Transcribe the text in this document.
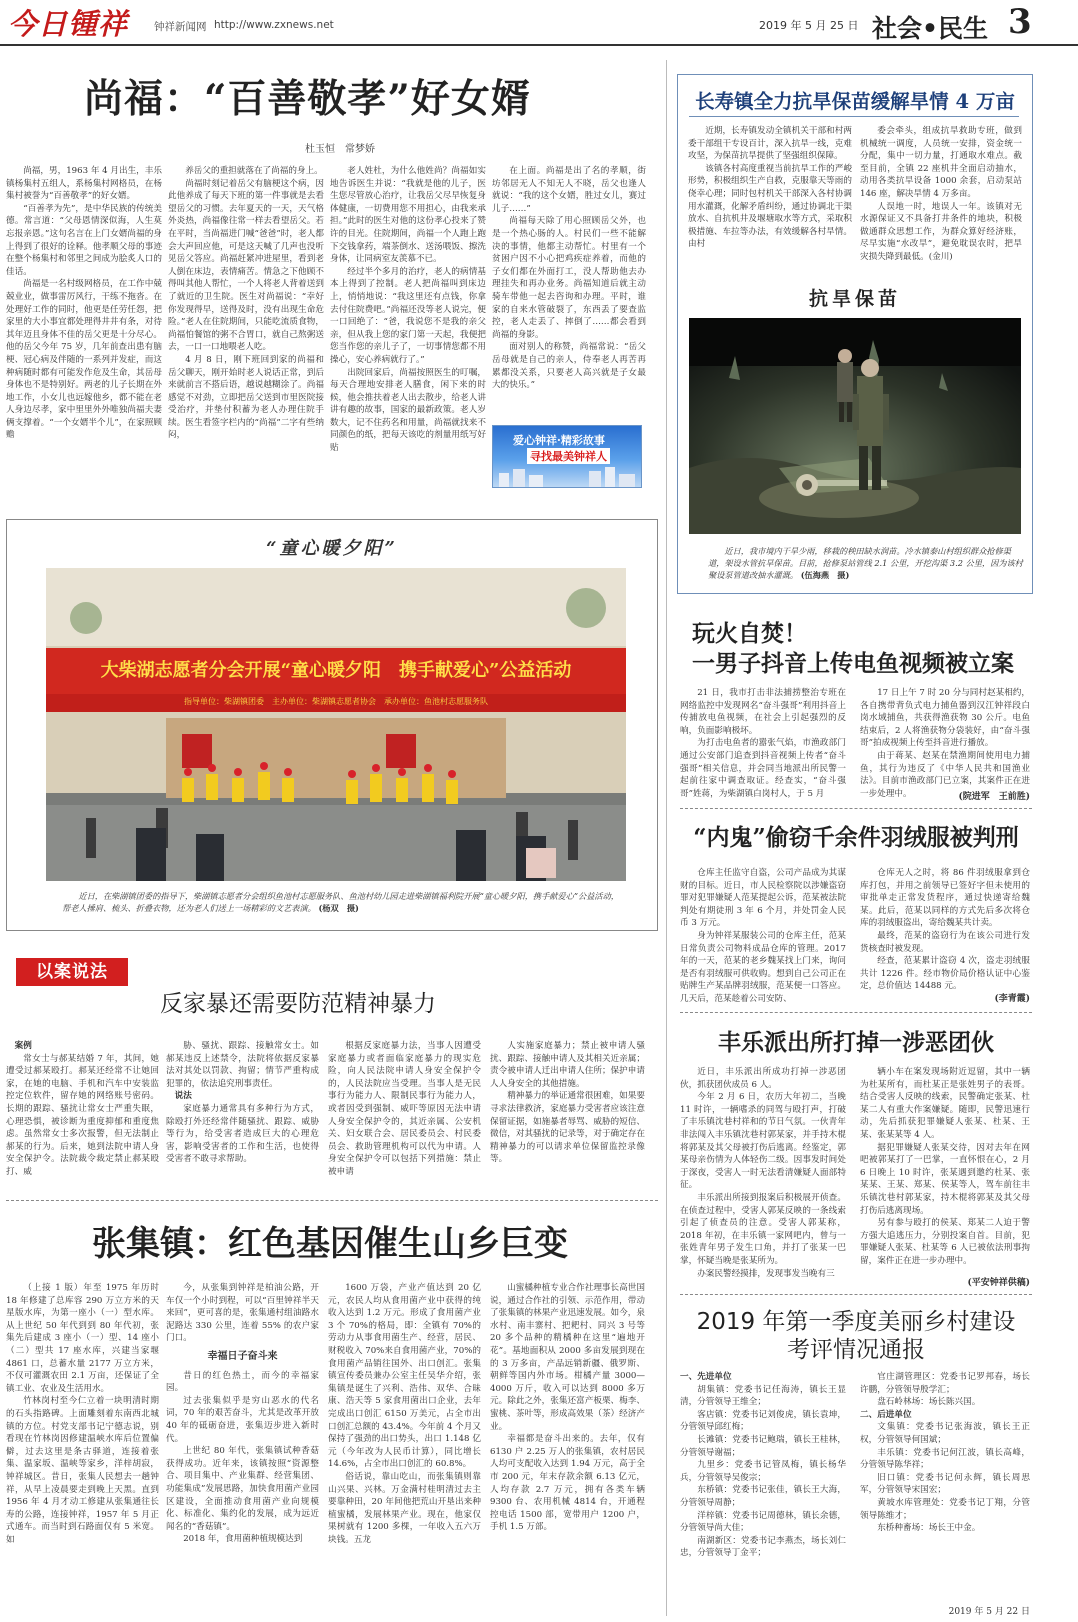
今日锺祥 钟祥新闻网 http://www.zxnews.net	2019 年 5 月 25 日 社会•民生 3
尚福：“百善敬孝”好女婿
杜玉恒　常梦娇

尚福，男，1963 年 4 月出生，丰乐镇杨集村五组人，系杨集村网格员，在杨集村被誉为“百善敬孝”的好女婿。

“百善孝为先”，是中华民族的传统美德。常言道：“父母恩情深似海，人生莫忘报亲恩。”这句名言在上门女婿尚福的身上得到了很好的诠释。他孝顺父母的事迹在整个杨集村和邻里之间成为脍炙人口的佳话。

尚福是一名村级网格员，在工作中兢兢业业，做事雷厉风行，干练不拖沓。在处理好工作的同时，他更是任劳任怨，把家里的大小事宜都处理得井井有条，对待其年迈且身体不佳的岳父更是十分尽心。他的岳父今年 75 岁，几年前查出患有脑梗、冠心病及伴随的一系列并发症，而这种病随时都有可能发作危及生命，其岳母身体也不是特别好。两老的儿子长期在外地工作，小女儿也远嫁他乡，都不能在老人身边尽孝，家中里里外外唯独尚福夫妻俩支撑着。“一个女婿半个儿”，在家照顾赡

养岳父的重担就落在了尚福的身上。

尚福时刻记着岳父有脑梗这个病，因此他养成了每天下班的第一件事就是去看望岳父的习惯。去年夏天的一天，天气格外炎热，尚福像往常一样去看望岳父。若在平时，当尚福进门喊“爸爸”时，老人都会大声回应他，可是这天喊了几声也没听见岳父答应。尚福赶紧冲进屋里，看到老人倒在床边，表情痛苦。情急之下他顾不得叫其他人帮忙，一个人将老人背着送到了就近的卫生院。医生对尚福说：“幸好你发现得早，送得及时，没有出现生命危险。”老人在住院期间，只能吃流质食物，尚福怕餐馆的粥不合胃口，就自己熬粥送去，一口一口地喂老人吃。

4 月 8 日，刚下班回到家的尚福和岳父聊天，刚开始时老人说话正常，到后来就前言不搭后语，越说越糊涂了。尚福感觉不对劲，立即把岳父送到市里医院接受治疗，并垫付积蓄为老人办理住院手续。医生看签字栏内的“尚福”二字有些纳闷，

老人姓杜，为什么他姓尚？尚福如实地告诉医生并说：“我就是他的儿子，医生您尽管放心治疗，让我岳父尽早恢复身体健康，一切费用您不用担心，由我来承担。”此时的医生对他的这份孝心投来了赞许的目光。住院期间，尚福一个人跑上跑下交钱拿药，端茶倒水、送汤喂饭、擦洗身体，让同病室友羡慕不已。

经过半个多月的治疗，老人的病情基本上得到了控制。老人把尚福叫到床边上，悄悄地说：“我这里还有点钱，你拿去付住院费吧。”尚福还没等老人说完，便一口回绝了：“爸，我说您不是我的亲父亲，但从我上您的家门第一天起，我便把您当作您的亲儿子了，一切事情您都不用操心，安心养病就行了。”

出院回家后，尚福按照医生的叮嘱，每天合理地安排老人膳食，闲下来的时候，他会推扶着老人出去散步，给老人讲讲有趣的故事，国家的最新政策。老人岁数大，记不住药名和用量，尚福就找来不同颜色的纸，把每天该吃的剂量用纸写好贴

在上面。尚福是出了名的孝顺，街坊邻居无人不知无人不晓，岳父也逢人就说：“我的这个女婿，胜过女儿，赛过儿子……”

尚福每天除了用心照顾岳父外，也是一个热心肠的人。村民们一些不能解决的事情，他都主动帮忙。村里有一个贫困户因不小心把鸡疾症养着，而他的子女们都在外面打工，没人帮助他去办理挂失和再办业务。尚福知道后就主动骑车带他一起去咨询和办理。平时，谁家的自来水管破裂了，东西丢了要查监控，老人走丢了、摔倒了……都会看到尚福的身影。

面对别人的称赞，尚福常说：“岳父岳母就是自己的亲人，侍奉老人再苦再累都没关系，只要老人高兴就是子女最大的快乐。”

爱心钟祥·精彩故事
寻找最美钟祥人
长寿镇全力抗旱保苗缓解旱情 4 万亩

近期，长寿镇发动全镇机关干部和村两委干部组干专设百计，深入抗旱一线，克难攻坚，为保苗抗旱提供了坚强组织保障。

该镇各村高度重视当前抗旱工作的严峻形势，积极组织生产自救，克服靠天等雨的侥幸心理；同时包村机关干部深入各村协调用水灌溉，化解矛盾纠纷，通过协调北干渠放水、自抗机井及堰塘取水等方式，采取积极措施、车拉等办法，有效缓解各村旱情。由村

委会牵头，组成抗旱救助专班，做到机械统一调度，人员统一安排，资金统一分配，集中一切力量，打通取水难点。截至目前，全镇 22 座机井全面启动抽水，动用各类抗旱设备 1000 余套，启动泵站 146 座，解决旱情 4 万多亩。

人误地一时，地误人一年。该镇对无水源保证又不具备打井条件的地块，积极做通群众思想工作，为群众算好经济账，尽早实施“水改旱”，避免耽误农时，把旱灾损失降到最低。(金川)

抗旱保苗
近日，我市境内干旱少雨，移栽的秧田缺水润苗。冷水镇泰山村组织群众抢修渠道，架设水管抗旱保苗。目前，抢修泵站管线 2.1 公里，开挖沟渠 3.2 公里，因为该村聚设泵管道改抽水灌溉。 (伍海燕　摄)
玩火自焚！
一男子抖音上传电鱼视频被立案

21 日，我市打击非法捕捞整治专班在网络监控中发现网名“奋斗强哥”利用抖音上传捕放电鱼视频，在社会上引起强烈的反响，负面影响极坏。

为打击电鱼者的嚣张气焰，市渔政部门通过公安部门追查到抖音视频上传者“奋斗强哥”相关信息，并会同当地派出所民警一起前往家中调查取证。经查实，“奋斗强哥”姓蒋，为柴湖镇白岗村人，于 5 月

17 日上午 7 时 20 分与同村赵某相约，各自携带背负式电力捕鱼器到汉江钟祥段白岗水域捕鱼，共获得渔获物 30 公斤。电鱼结束后，2 人将渔获物分袋装好，由“奋斗强哥”拍成视频上传至抖音进行播放。

由于蒋某、赵某在禁渔期间使用电力捕鱼，其行为违反了《中华人民共和国渔业法》。目前市渔政部门已立案，其案件正在进一步处理中。	(院进军　王前胜)
“内鬼”偷窃千余件羽绒服被判刑

仓库主任监守自盗，公司产品成为其谋财的目标。近日，市人民检察院以涉嫌盗窃罪对犯罪嫌疑人范某提起公诉，范某被法院判处有期徒刑 3 年 6 个月，并处罚金人民币 3 万元。

身为钟祥某服装公司的仓库主任，范某日常负责公司物料成品仓库的管理。2017 年的一天，范某的老乡魏某找上门来，询问是否有羽绒服可供收购。想到自己公司正在贴牌生产某品牌羽绒服，范某便一口答应。几天后，范某趁着公司安防、

仓库无人之时，将 86 件羽绒服拿到仓库打包，并用之前领导已签好字但未使用的审批单走正常发货程序，通过快递寄给魏某。此后，范某以同样的方式先后多次将仓库的羽绒服盗出，寄给魏某共计卖。

最终，范某的盗窃行为在该公司进行发货核查时被发现。

经查，范某累计盗窃 4 次，盗走羽绒服共计 1226 件。经市物价局价格认证中心鉴定，总价值达 14488 元。

(李青霞)
丰乐派出所打掉一涉恶团伙

近日，丰乐派出所成功打掉一涉恶团伙，抓获团伙成员 6 人。

今年 2 月 6 日，农历大年初二，当晚 11 时许，一辆嗜杀的同驾与殴打声，打破了丰乐镇沈巷村祥和的节日气氛。一伙青年非法闯入丰乐镇沈巷村郭某家，并手持木棍将郭某及其父母被打伤后逃离。经鉴定，郭某母亲伤情为人体轻伤二级。因事发时间处于深夜，受害人一时无法看清嫌疑人面部特征。

丰乐派出所接到报案后积极展开侦查。在侦查过程中，受害人郭某反映的一条线索引起了侦查员的注意。受害人郭某称，2018 年初，在丰乐镇一家网吧内，曾与一张姓青年男子发生口角，并打了张某一巴掌，怀疑当晚是张某所为。

办案民警经摸排，发现事发当晚有三

辆小车在案发现场附近逗留，其中一辆为杜某所有，而杜某正是张姓男子的表哥。结合受害人反映的线索，民警确定张某、杜某二人有重大作案嫌疑。随即，民警迅速行动，先后抓获犯罪嫌疑人张某、杜某、王某、张某某等 4 人。

据犯罪嫌疑人张某交待，因对去年在网吧被郭某打了一巴掌，一直怀恨在心，2 月 6 日晚上 10 时许，张某遇到邀约杜某、张某某、王某、郑某、侯某等人，驾车前往丰乐镇沈巷村郭某家，持木棍将郭某及其父母打伤后逃离现场。

另有参与殴打的侯某、郑某二人迫于警方强大追逃压力，分别投案自首。目前，犯罪嫌疑人张某、杜某等 6 人已被依法刑事拘留，案件正在进一步办理中。

(平安钟祥供稿)
2019 年第一季度美丽乡村建设
考评情况通报

一、先进单位

胡集镇：党委书记任海涛，镇长王显清，分管领导王维全；

客店镇：党委书记刘俊虎，镇长袁坤，分管领导邱红梅；

长滩镇：党委书记鲍瑞，镇长王桂林，分管领导谢福；

九里乡：党委书记管凤梅，镇长杨华兵，分管领导吴俊宗；

东桥镇：党委书记张佳，镇长王大海，分管领导周静；

洋梓镇：党委书记周德林，镇长余德，分管领导尚大佳；

南湖新区：党委书记李燕杰，场长刘仁忠，分管领导丁金平；

官庄湖管理区：党委书记罗邦春，场长许鹏，分管领导殷学汇；

盘石岭林场：场长陈兴国。

二、后进单位

文集镇：党委书记张海波，镇长王正权，分管领导何国斌；

丰乐镇：党委书记何江波，镇长高峰，分管领导陈华祥；

旧口镇：党委书记何永辉，镇长周思军，分管领导宋国宏；

黄坡水库管理处：党委书记丁翔，分管领导陈维才；

东桥种畜场：场长王中金。

2019 年 5 月 22 日
“童心暖夕阳”
大柴湖志愿者分会开展“童心暖夕阳　携手献爱心”公益活动
指导单位：柴湖镇团委　主办单位：柴湖镇志愿者协会　承办单位：鱼池村志愿服务队
近日，在柴湖镇团委的指导下，柴湖镇志愿者分会组织鱼池村志愿服务队、鱼池村幼儿园走进柴湖镇福利院开展“童心暖夕阳，携手献爱心”公益活动，帮老人捶肩、梳头、折叠衣物，还为老人们送上一场精彩的文艺表演。 (杨双　摄)
以案说法
反家暴还需要防范精神暴力

案例

常女士与郝某结婚 7 年，其间，她遭受过郝某殴打。郝某还经常不让她回家，在她的电脑、手机和汽车中安装监控定位软件，留存她的网络账号密码。长期的跟踪、骚扰让常女士严重失眠，心理恐惧，被诊断为重度抑郁和重度焦虑。虽然常女士多次报警，但无法制止郝某的行为。后来，她到法院申请人身安全保护令。法院裁令裁定禁止郝某殴打、威

胁、骚扰、跟踪、接触常女士。如郝某违反上述禁令，法院将依据反家暴法对其处以罚款、拘留；情节严重构成犯罪的，依法追究刑事责任。

说法

家庭暴力通常具有多种行为方式，除殴打外还经常伴随骚扰、跟踪、威胁等行为，给受害者造成巨大的心理危害，影响受害者的工作和生活，也使得受害者不敢寻求帮助。

根据反家庭暴力法，当事人因遭受家庭暴力或者面临家庭暴力的现实危险，向人民法院申请人身安全保护令的，人民法院应当受理。当事人是无民事行为能力人、限制民事行为能力人，或者因受到强制、威吓等原因无法申请人身安全保护令的，其近亲属、公安机关、妇女联合会、居民委员会、村民委员会、救助管理机构可以代为申请。人身安全保护令可以包括下列措施：禁止被申请

人实施家庭暴力；禁止被申请人骚扰、跟踪、接触申请人及其相关近亲属；责令被申请人迁出申请人住所；保护申请人人身安全的其他措施。

精神暴力的举证通常很困难，如果要寻求法律救济，家庭暴力受害者应该注意保留证据，如施暴者辱骂、威胁的短信、微信，对其骚扰的记录等，对于确定存在精神暴力的可以请求单位保留监控录像等。

张集镇：红色基因催生山乡巨变

（上接 1 版）年至 1975 年历时 18 年修建了总库容 290 万立方米的天星版水库，为第一座小（一）型水库。从上世纪 50 年代到到 80 年代初，张集先后建成 3 座小（一）型、14 座小（二）型共 17 座水库，兴建当家堰 4861 口，总蓄水量 2177 万立方米，不仅可灌溉农田 2.1 万亩，还保证了全镇工业、农业及生活用水。

竹林岗村至今仁立着一块明清时期的石头指路碑。上面雕刻着东南西北城镇的方位。村党支部书记宁德志说，别看现在竹林岗因修建温峡水库后位置偏僻，过去这里是条古驿道，连接着张集、温家坂、温峡等家乡，洋梓胡寂，钟祥城区。昔日，张集人民想去一趟钟祥，从早上凌晨要走到晚上天黑。直到 1956 年 4 月才动工修建从张集通往长寿的公路，连接钟祥，1957 年 5 月正式通车。而当时到石路面仅有 5 米宽。如

今，从张集到钟祥是柏油公路，开车仅一个小时到程，可以“百里钟祥半天来回”，更可喜的是，张集通村组油路水泥路达 330 公里，连着 55% 的农户家门口。

幸福日子奋斗来

昔日的红色热土，而今的幸福家园。

过去张集似乎是穷山恶水的代名词，70 年的艰苦奋斗，尤其是改革开放 40 年的砥砺奋进，张集迈步进入新时代。

上世纪 80 年代，张集镇试种香菇获得成功。近年来，该镇按照“资源整合、项目集中、产业集群、经营集团、功能集成”发展思路，加快食用菌产业园区建设，全面推动食用菌产业向规模化、标准化、集约化的发展，成为远近闻名的“香菇镇”。

2018 年，食用菌种植规模达到

1600 万袋，产业产值达到 20 亿元，农民人均从食用菌产业中获得的纯收入达到 1.2 万元。形成了食用菌产业 3 个 70%的格局，即：全镇有 70%的劳动力从事食用菌生产、经营，居民、财税收入 70%来自食用菌产业，70%的食用菌产品销往国外、出口创汇。张集镇宣传委员兼办公室主任吴华介绍，张集镇是诞生了兴利、浩伟、双华、合昧康、浩天等 5 家食用菌出口企业，去年完成出口创汇 6150 万美元，占全市出口创汇总额的 43.4%。今年前 4 个月又保持了强劲的出口势头，出口 1.148 亿元（今年改为人民币计算），同比增长 14.6%，占全市出口创汇的 60.8%。

俗话说，靠山吃山，而张集镇则靠山兴果、兴林。万金满村桂明清过去主要靠种田，20 年间他把荒山开垦出来种植蜜橘，发展林果产业。现在，他家仅果树就有 1200 多棵，一年收入五六万块钱。五龙

山蜜橘种植专业合作社理事长高世国说，通过合作社的引领、示范作用，带动了张集镇的林果产业迅速发展。如今，泉水村、南丰寨村、把耙村、同兴 3 号等 20 多个品种的精橘种在这里“遍地开花”。基地面积从 2000 多亩发展到现在的 3 万多亩，产品远销新疆、俄罗斯、朝鲜等国内外市场。柑橘产量 3000—4000 万斤，收入可以达到 8000 多万元。除此之外，张集还富产板栗、梅李、蜜桃、茶叶等，形成高效果（茶）经济产业。

幸福都是奋斗出来的。去年，仅有 6130 户 2.25 万人的张集镇，农村居民人均可支配收入达到 1.94 万元，高于全市 200 元，年末存款余额 6.13 亿元，人均存款 2.7 万元，拥有各类车辆 9300 台、农用机械 4814 台，开通程控电话 1500 部，宽带用户 1200 户，手机 1.5 万部。
